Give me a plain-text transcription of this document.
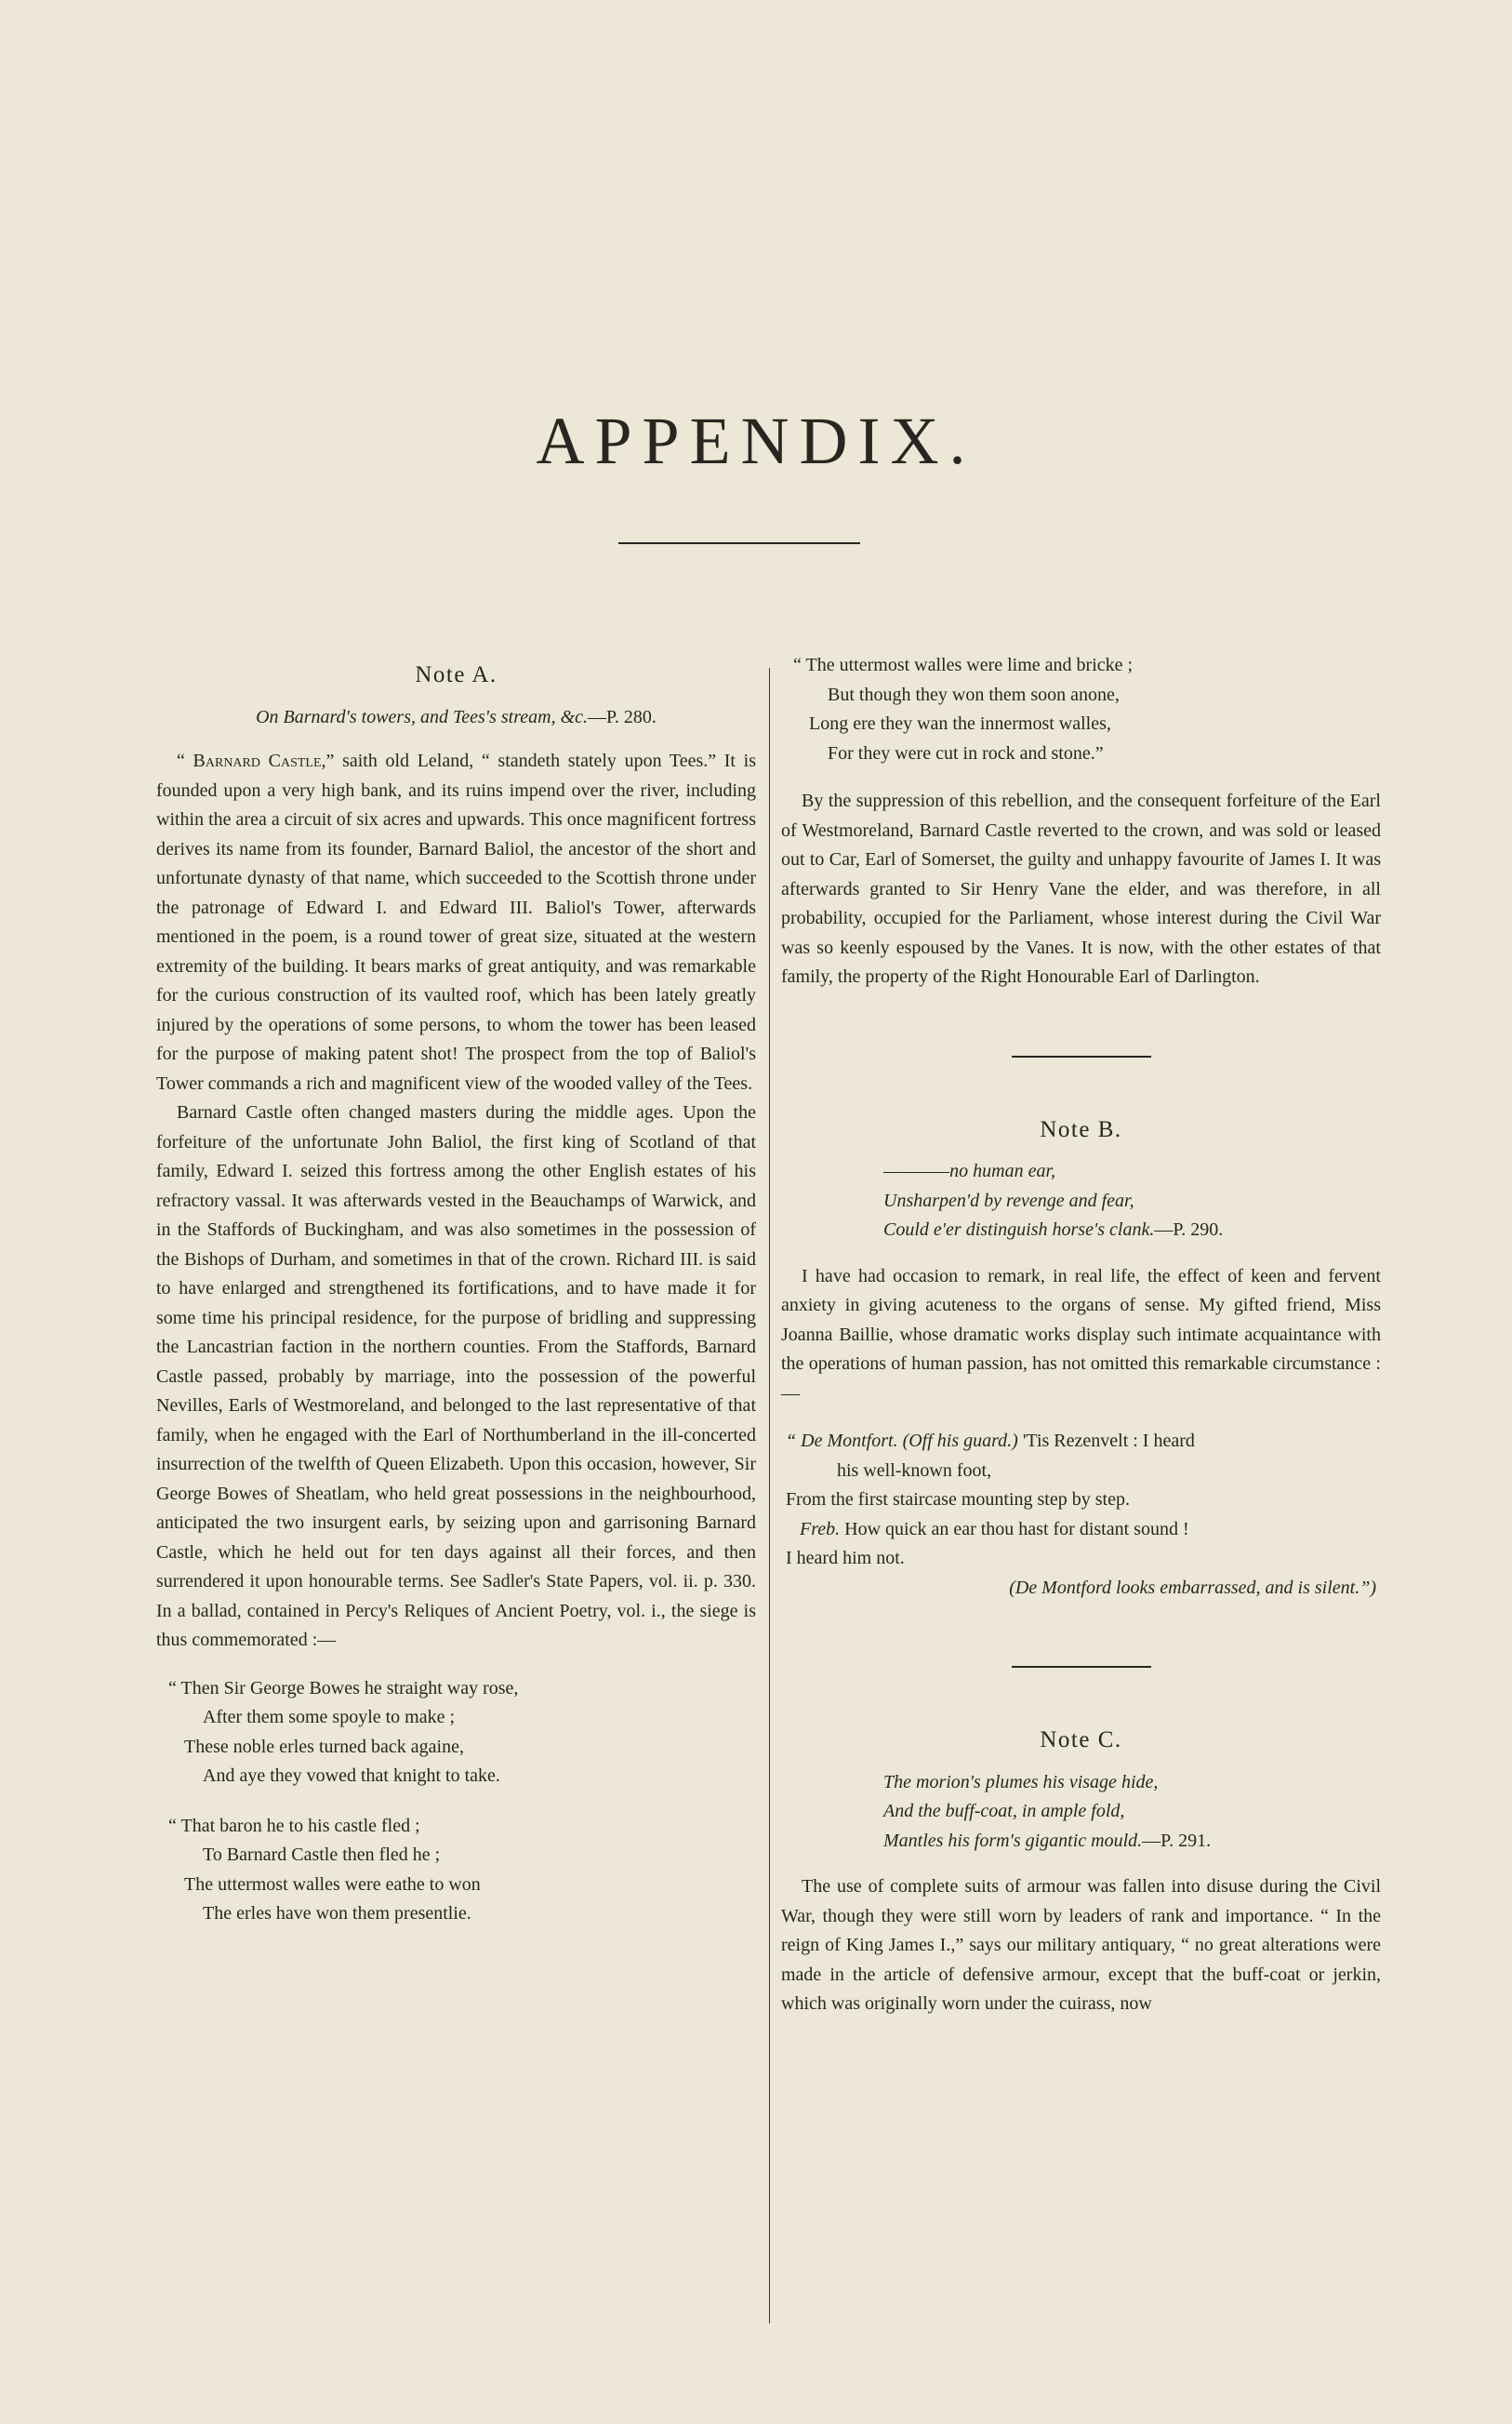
APPENDIX.
Note A.
On Barnard's towers, and Tees's stream, &c.—P. 280.

“ Barnard Castle,” saith old Leland, “ standeth stately upon Tees.” It is founded upon a very high bank, and its ruins impend over the river, including within the area a circuit of six acres and upwards. This once magnificent fortress derives its name from its founder, Barnard Baliol, the ancestor of the short and unfortunate dynasty of that name, which succeeded to the Scottish throne under the patronage of Edward I. and Edward III. Baliol's Tower, afterwards mentioned in the poem, is a round tower of great size, situated at the western extremity of the building. It bears marks of great antiquity, and was remarkable for the curious construction of its vaulted roof, which has been lately greatly injured by the operations of some persons, to whom the tower has been leased for the purpose of making patent shot! The prospect from the top of Baliol's Tower commands a rich and magnificent view of the wooded valley of the Tees.

Barnard Castle often changed masters during the middle ages. Upon the forfeiture of the unfortunate John Baliol, the first king of Scotland of that family, Edward I. seized this fortress among the other English estates of his refractory vassal. It was afterwards vested in the Beauchamps of Warwick, and in the Staffords of Buckingham, and was also sometimes in the possession of the Bishops of Durham, and sometimes in that of the crown. Richard III. is said to have enlarged and strengthened its fortifications, and to have made it for some time his principal residence, for the purpose of bridling and suppressing the Lancastrian faction in the northern counties. From the Staffords, Barnard Castle passed, probably by marriage, into the possession of the powerful Nevilles, Earls of Westmoreland, and belonged to the last representative of that family, when he engaged with the Earl of Northumberland in the ill-concerted insurrection of the twelfth of Queen Elizabeth. Upon this occasion, however, Sir George Bowes of Sheatlam, who held great possessions in the neighbourhood, anticipated the two insurgent earls, by seizing upon and garrisoning Barnard Castle, which he held out for ten days against all their forces, and then surrendered it upon honourable terms. See Sadler's State Papers, vol. ii. p. 330. In a ballad, contained in Percy's Reliques of Ancient Poetry, vol. i., the siege is thus commemorated :—

“ Then Sir George Bowes he straight way rose,
After them some spoyle to make ;
These noble erles turned back againe,
And aye they vowed that knight to take.
“ That baron he to his castle fled ;
To Barnard Castle then fled he ;
The uttermost walles were eathe to won
The erles have won them presentlie.
“ The uttermost walles were lime and bricke ;
But though they won them soon anone,
Long ere they wan the innermost walles,
For they were cut in rock and stone.”

By the suppression of this rebellion, and the consequent forfeiture of the Earl of Westmoreland, Barnard Castle reverted to the crown, and was sold or leased out to Car, Earl of Somerset, the guilty and unhappy favourite of James I. It was afterwards granted to Sir Henry Vane the elder, and was therefore, in all probability, occupied for the Parliament, whose interest during the Civil War was so keenly espoused by the Vanes. It is now, with the other estates of that family, the property of the Right Honourable Earl of Darlington.

Note B.
————no human ear,
Unsharpen'd by revenge and fear,
Could e'er distinguish horse's clank.—P. 290.

I have had occasion to remark, in real life, the effect of keen and fervent anxiety in giving acuteness to the organs of sense. My gifted friend, Miss Joanna Baillie, whose dramatic works display such intimate acquaintance with the operations of human passion, has not omitted this remarkable circumstance :—

“ De Montfort. (Off his guard.) 'Tis Rezenvelt : I heard
his well-known foot,
From the first staircase mounting step by step.
Freb. How quick an ear thou hast for distant sound !
I heard him not.
(De Montford looks embarrassed, and is silent.”)
Note C.
The morion's plumes his visage hide,
And the buff-coat, in ample fold,
Mantles his form's gigantic mould.—P. 291.

The use of complete suits of armour was fallen into disuse during the Civil War, though they were still worn by leaders of rank and importance. “ In the reign of King James I.,” says our military antiquary, “ no great alterations were made in the article of defensive armour, except that the buff-coat or jerkin, which was originally worn under the cuirass, now
